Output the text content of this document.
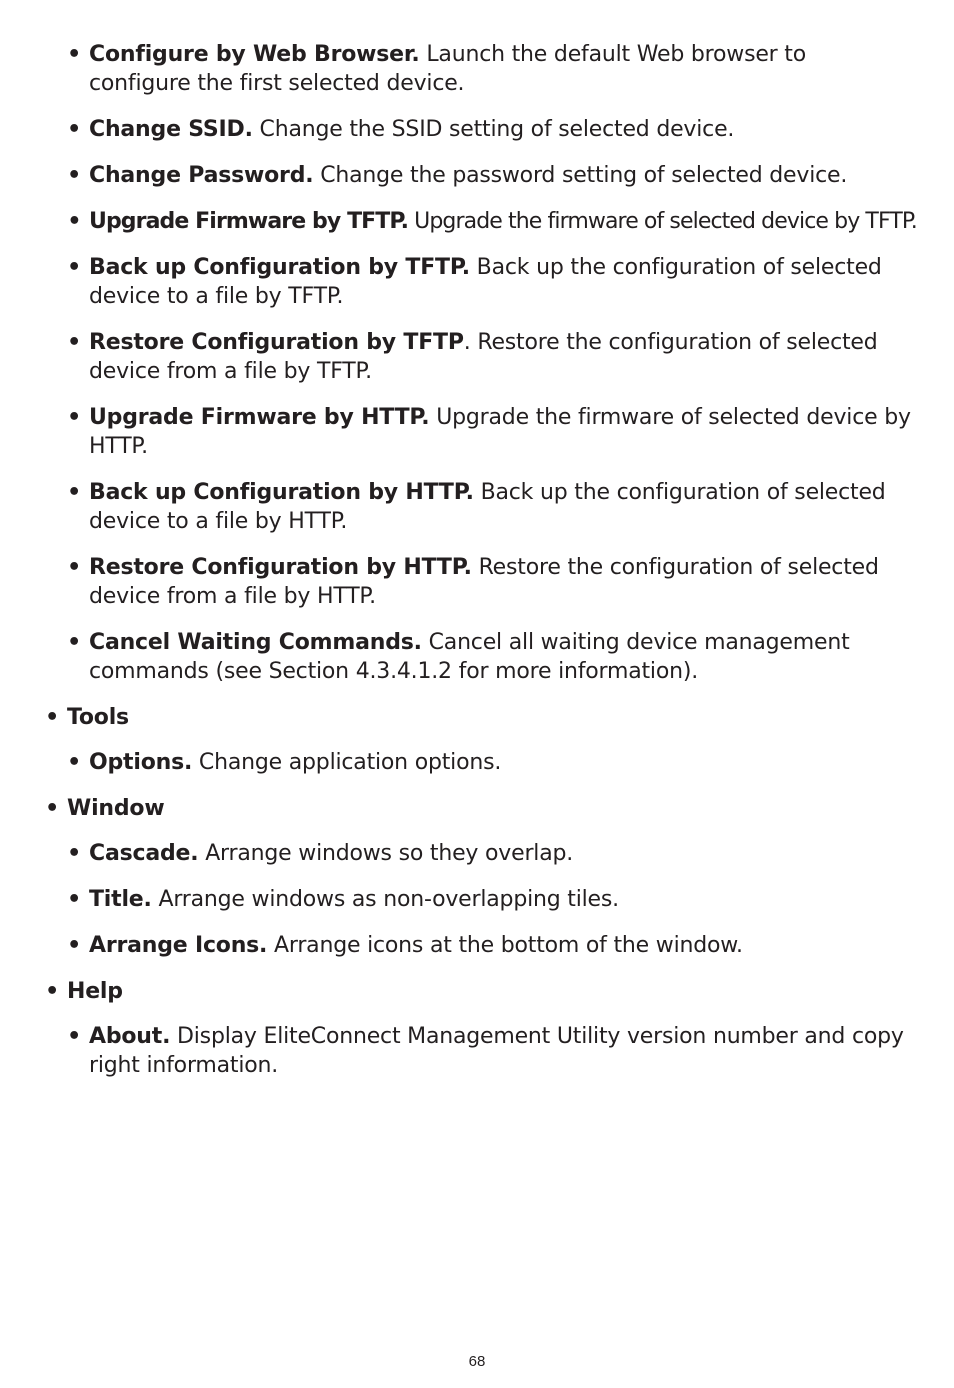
• Configure by Web Browser. Launch the default Web browser to configure the first selected device.
• Change SSID. Change the SSID setting of selected device.
• Change Password. Change the password setting of selected device.
• Upgrade Firmware by TFTP. Upgrade the firmware of selected device by TFTP.
• Back up Configuration by TFTP. Back up the configuration of selected device to a file by TFTP.
• Restore Configuration by TFTP. Restore the configuration of selected device from a file by TFTP.
• Upgrade Firmware by HTTP. Upgrade the firmware of selected device by HTTP.
• Back up Configuration by HTTP. Back up the configuration of selected device to a file by HTTP.
• Restore Configuration by HTTP. Restore the configuration of selected device from a file by HTTP.
• Cancel Waiting Commands. Cancel all waiting device management commands (see Section 4.3.4.1.2 for more information).
• Tools
• Options. Change application options.
• Window
• Cascade. Arrange windows so they overlap.
• Title. Arrange windows as non-overlapping tiles.
• Arrange Icons. Arrange icons at the bottom of the window.
• Help
• About. Display EliteConnect Management Utility version number and copy right information.
68
